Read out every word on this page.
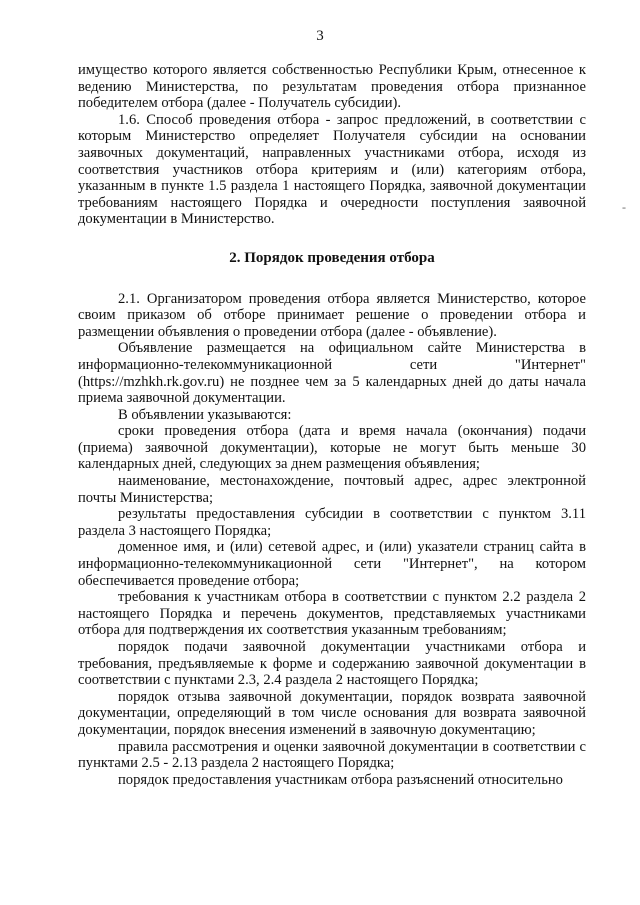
3
-

имущество которого является собственностью Республики Крым, отнесенное к ведению Министерства, по результатам проведения отбора признанное победителем отбора (далее - Получатель субсидии).

1.6. Способ проведения отбора - запрос предложений, в соответствии с которым Министерство определяет Получателя субсидии на основании заявочных документаций, направленных участниками отбора, исходя из соответствия участников отбора критериям и (или) категориям отбора, указанным в пункте 1.5 раздела 1 настоящего Порядка, заявочной документации требованиям настоящего Порядка и очередности поступления заявочной документации в Министерство.

2. Порядок проведения отбора

2.1. Организатором проведения отбора является Министерство, которое своим приказом об отборе принимает решение о проведении отбора и размещении объявления о проведении отбора (далее - объявление).

Объявление размещается на официальном сайте Министерства в информационно-телекоммуникационной сети "Интернет" (https://mzhkh.rk.gov.ru) не позднее чем за 5 календарных дней до даты начала приема заявочной документации.

В объявлении указываются:

сроки проведения отбора (дата и время начала (окончания) подачи (приема) заявочной документации), которые не могут быть меньше 30 календарных дней, следующих за днем размещения объявления;

наименование, местонахождение, почтовый адрес, адрес электронной почты Министерства;

результаты предоставления субсидии в соответствии с пунктом 3.11 раздела 3 настоящего Порядка;

доменное имя, и (или) сетевой адрес, и (или) указатели страниц сайта в информационно-телекоммуникационной сети "Интернет", на котором обеспечивается проведение отбора;

требования к участникам отбора в соответствии с пунктом 2.2 раздела 2 настоящего Порядка и перечень документов, представляемых участниками отбора для подтверждения их соответствия указанным требованиям;

порядок подачи заявочной документации участниками отбора и требования, предъявляемые к форме и содержанию заявочной документации в соответствии с пунктами 2.3, 2.4 раздела 2 настоящего Порядка;

порядок отзыва заявочной документации, порядок возврата заявочной документации, определяющий в том числе основания для возврата заявочной документации, порядок внесения изменений в заявочную документацию;

правила рассмотрения и оценки заявочной документации в соответствии с пунктами 2.5 - 2.13 раздела 2 настоящего Порядка;

порядок предоставления участникам отбора разъяснений относительно
